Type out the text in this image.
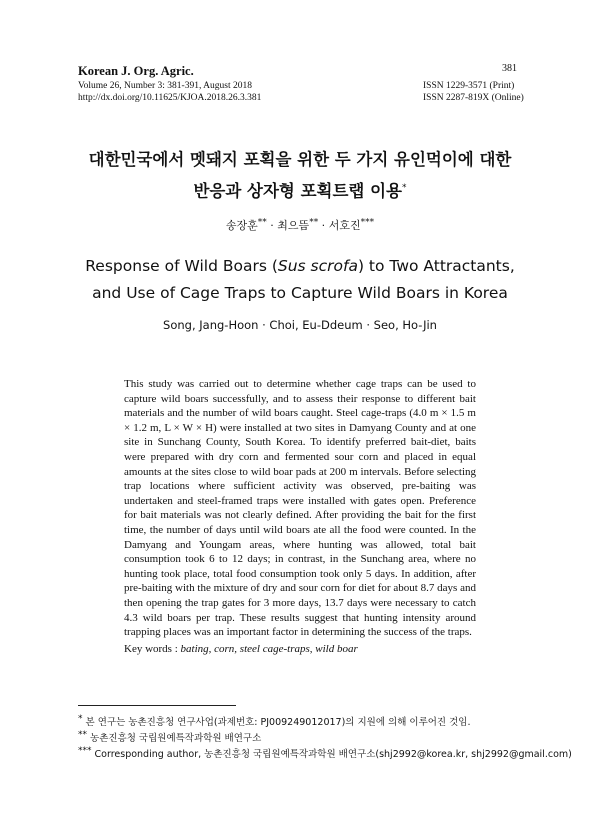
Korean J. Org. Agric.	381
Volume 26, Number 3: 381-391, August 2018
http://dx.doi.org/10.11625/KJOA.2018.26.3.381
ISSN 1229-3571 (Print)
ISSN 2287-819X (Online)
대한민국에서 멧돼지 포획을 위한 두 가지 유인먹이에 대한
반응과 상자형 포획트랩 이용*
송장훈** · 최으뜸** · 서호진***
Response of Wild Boars (Sus scrofa) to Two Attractants,
and Use of Cage Traps to Capture Wild Boars in Korea
Song, Jang-Hoon · Choi, Eu-Ddeum · Seo, Ho-Jin
This study was carried out to determine whether cage traps can be used to capture wild boars successfully, and to assess their response to different bait materials and the number of wild boars caught. Steel cage-traps (4.0 m × 1.5 m × 1.2 m, L × W × H) were installed at two sites in Damyang County and at one site in Sunchang County, South Korea. To identify preferred bait-diet, baits were prepared with dry corn and fermented sour corn and placed in equal amounts at the sites close to wild boar pads at 200 m intervals. Before selecting trap locations where sufficient activity was observed, pre-baiting was undertaken and steel-framed traps were installed with gates open. Preference for bait materials was not clearly defined. After providing the bait for the first time, the number of days until wild boars ate all the food were counted. In the Damyang and Youngam areas, where hunting was allowed, total bait consumption took 6 to 12 days; in contrast, in the Sunchang area, where no hunting took place, total food consumption took only 5 days. In addition, after pre-baiting with the mixture of dry and sour corn for diet for about 8.7 days and then opening the trap gates for 3 more days, 13.7 days were necessary to catch 4.3 wild boars per trap. These results suggest that hunting intensity around trapping places was an important factor in determining the success of the traps.
Key words : bating, corn, steel cage-traps, wild boar
* 본 연구는 농촌진흥청 연구사업(과제번호: PJ009249012017)의 지원에 의해 이루어진 것임.
** 농촌진흥청 국립원예특작과학원 배연구소
*** Corresponding author, 농촌진흥청 국립원예특작과학원 배연구소(shj2992@korea.kr, shj2992@gmail.com)
